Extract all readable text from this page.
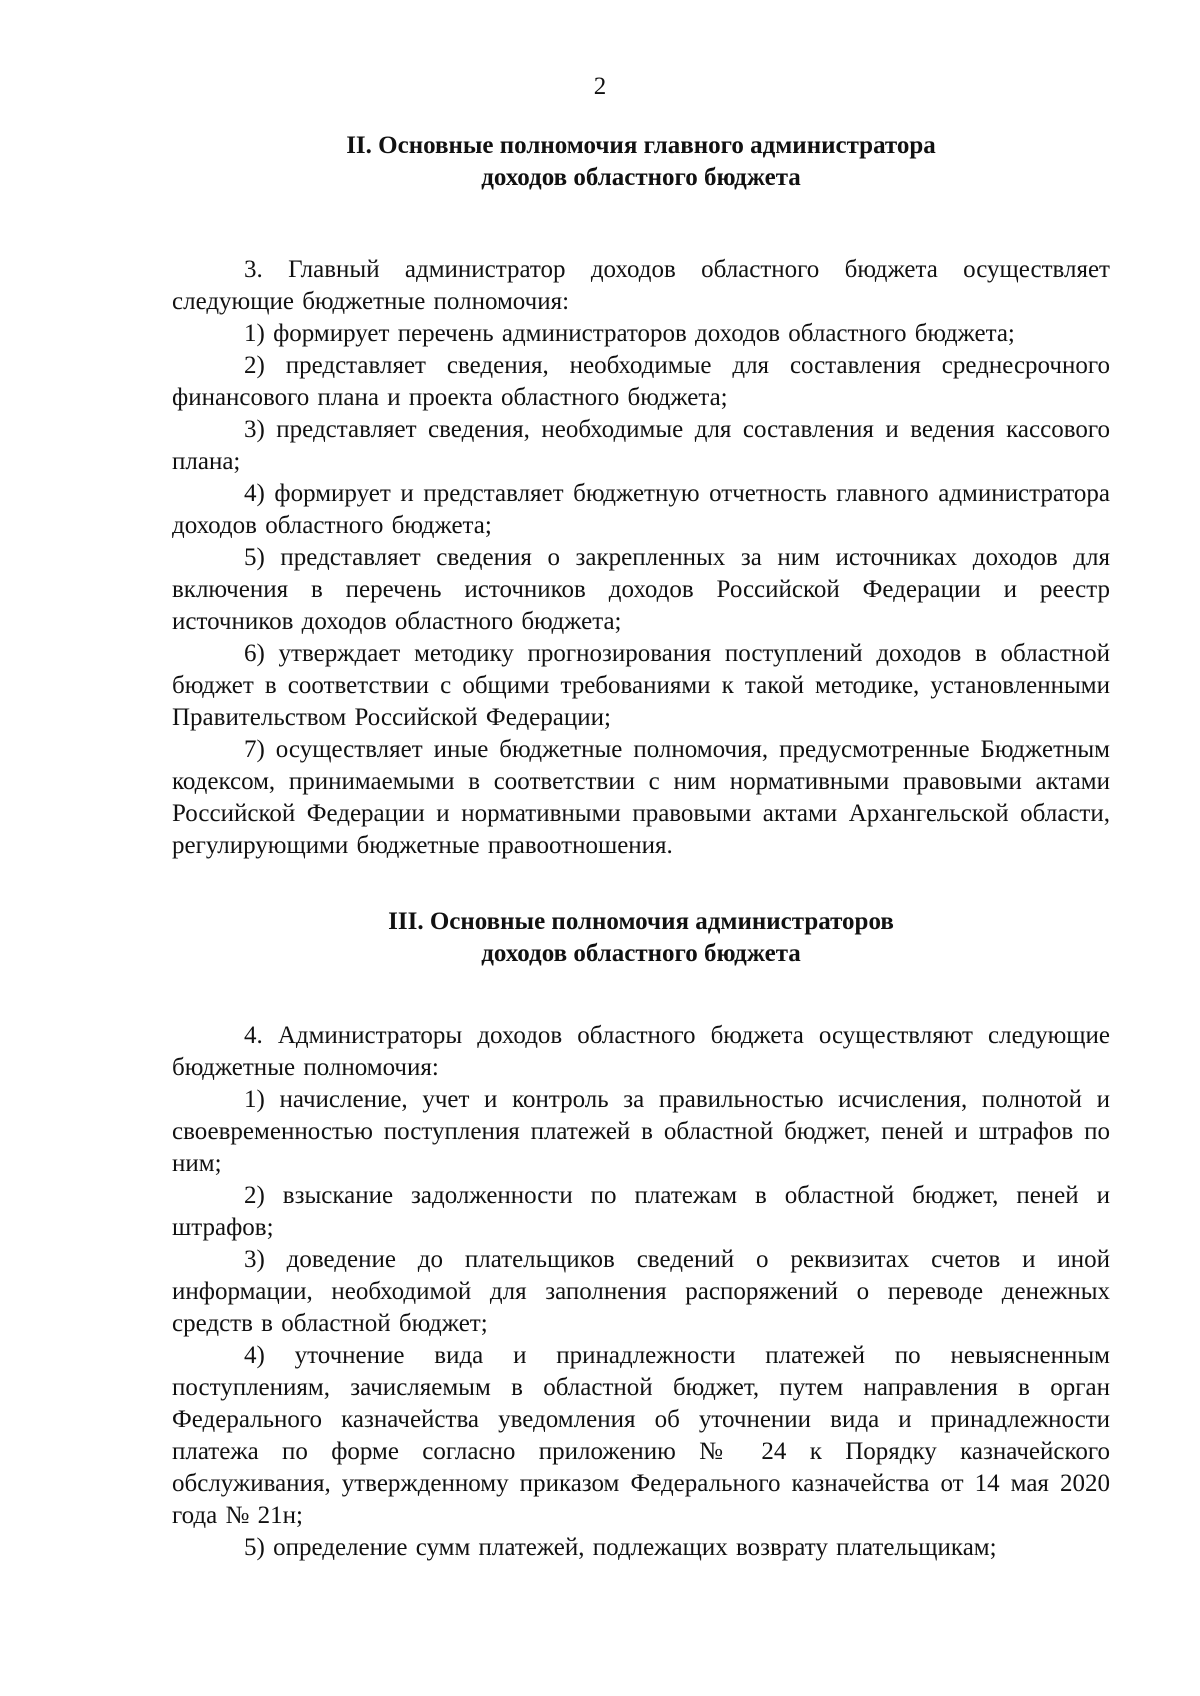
2
II. Основные полномочия главного администратора
доходов областного бюджета

3. Главный администратор доходов областного бюджета осуществляет следующие бюджетные полномочия:

1) формирует перечень администраторов доходов областного бюджета;

2) представляет сведения, необходимые для составления среднесрочного финансового плана и проекта областного бюджета;

3) представляет сведения, необходимые для составления и ведения кассового плана;

4) формирует и представляет бюджетную отчетность главного администратора доходов областного бюджета;

5) представляет сведения о закрепленных за ним источниках доходов для включения в перечень источников доходов Российской Федерации и реестр источников доходов областного бюджета;

6) утверждает методику прогнозирования поступлений доходов в областной бюджет в соответствии с общими требованиями к такой методике, установленными Правительством Российской Федерации;

7) осуществляет иные бюджетные полномочия, предусмотренные Бюджетным кодексом, принимаемыми в соответствии с ним нормативными правовыми актами Российской Федерации и нормативными правовыми актами Архангельской области, регулирующими бюджетные правоотношения.

III. Основные полномочия администраторов
доходов областного бюджета

4. Администраторы доходов областного бюджета осуществляют следующие бюджетные полномочия:

1) начисление, учет и контроль за правильностью исчисления, полнотой и своевременностью поступления платежей в областной бюджет, пеней и штрафов по ним;

2) взыскание задолженности по платежам в областной бюджет, пеней и штрафов;

3) доведение до плательщиков сведений о реквизитах счетов и иной информации, необходимой для заполнения распоряжений о переводе денежных средств в областной бюджет;

4) уточнение вида и принадлежности платежей по невыясненным поступлениям, зачисляемым в областной бюджет, путем направления в орган Федерального казначейства уведомления об уточнении вида и принадлежности платежа по форме согласно приложению № 24 к Порядку казначейского обслуживания, утвержденному приказом Федерального казначейства от 14 мая 2020 года № 21н;

5) определение сумм платежей, подлежащих возврату плательщикам;
